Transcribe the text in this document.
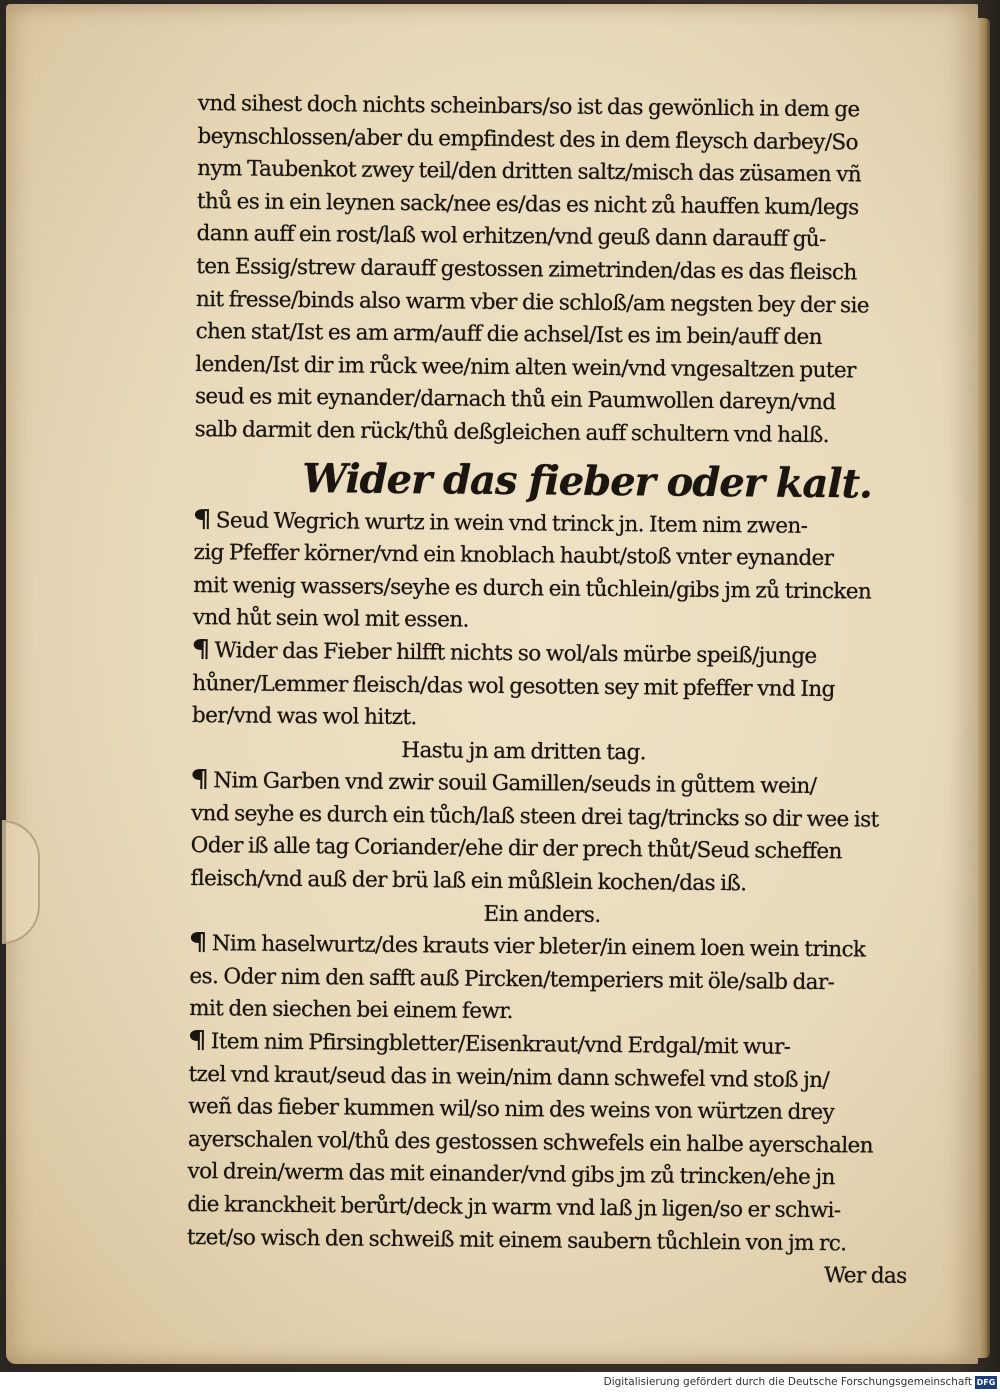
vnd sihest doch nichts scheinbars/so ist das gewönlich in dem ge
beynschlossen/aber du empfindest des in dem fleysch darbey/So
nym Taubenkot zwey teil/den dritten saltz/misch das züsamen vñ
thů es in ein leynen sack/nee es/das es nicht zů hauffen kum/legs
dann auff ein rost/laß wol erhitzen/vnd geuß dann darauff gů-
ten Essig/strew darauff gestossen zimetrinden/das es das fleisch
nit fresse/binds also warm vber die schloß/am negsten bey der sie
chen stat/Ist es am arm/auff die achsel/Ist es im bein/auff den
lenden/Ist dir im růck wee/nim alten wein/vnd vngesaltzen puter
seud es mit eynander/darnach thů ein Paumwollen dareyn/vnd
salb darmit den rück/thů deßgleichen auff schultern vnd halß.
Wider das fieber oder kalt.
Seud Wegrich wurtz in wein vnd trinck jn. Item nim zwen-
zig Pfeffer körner/vnd ein knoblach haubt/stoß vnter eynander
mit wenig wassers/seyhe es durch ein tůchlein/gibs jm zů trincken
vnd hůt sein wol mit essen.
Wider das Fieber hilfft nichts so wol/als mürbe speiß/junge
hůner/Lemmer fleisch/das wol gesotten sey mit pfeffer vnd Ing
ber/vnd was wol hitzt.
Hastu jn am dritten tag.
Nim Garben vnd zwir souil Gamillen/seuds in gůttem wein/
vnd seyhe es durch ein tůch/laß steen drei tag/trincks so dir wee ist
Oder iß alle tag Coriander/ehe dir der prech thůt/Seud scheffen
fleisch/vnd auß der brü laß ein můßlein kochen/das iß.
Ein anders.
Nim haselwurtz/des krauts vier bleter/in einem loen wein trinck
es. Oder nim den safft auß Pircken/temperiers mit öle/salb dar-
mit den siechen bei einem fewr.
Item nim Pfirsingbletter/Eisenkraut/vnd Erdgal/mit wur-
tzel vnd kraut/seud das in wein/nim dann schwefel vnd stoß jn/
weñ das fieber kummen wil/so nim des weins von würtzen drey
ayerschalen vol/thů des gestossen schwefels ein halbe ayerschalen
vol drein/werm das mit einander/vnd gibs jm zů trincken/ehe jn
die kranckheit berůrt/deck jn warm vnd laß jn ligen/so er schwi-
tzet/so wisch den schweiß mit einem saubern tůchlein von jm rc.
Wer das
Digitalisierung gefördert durch die Deutsche Forschungsgemeinschaft DFG
